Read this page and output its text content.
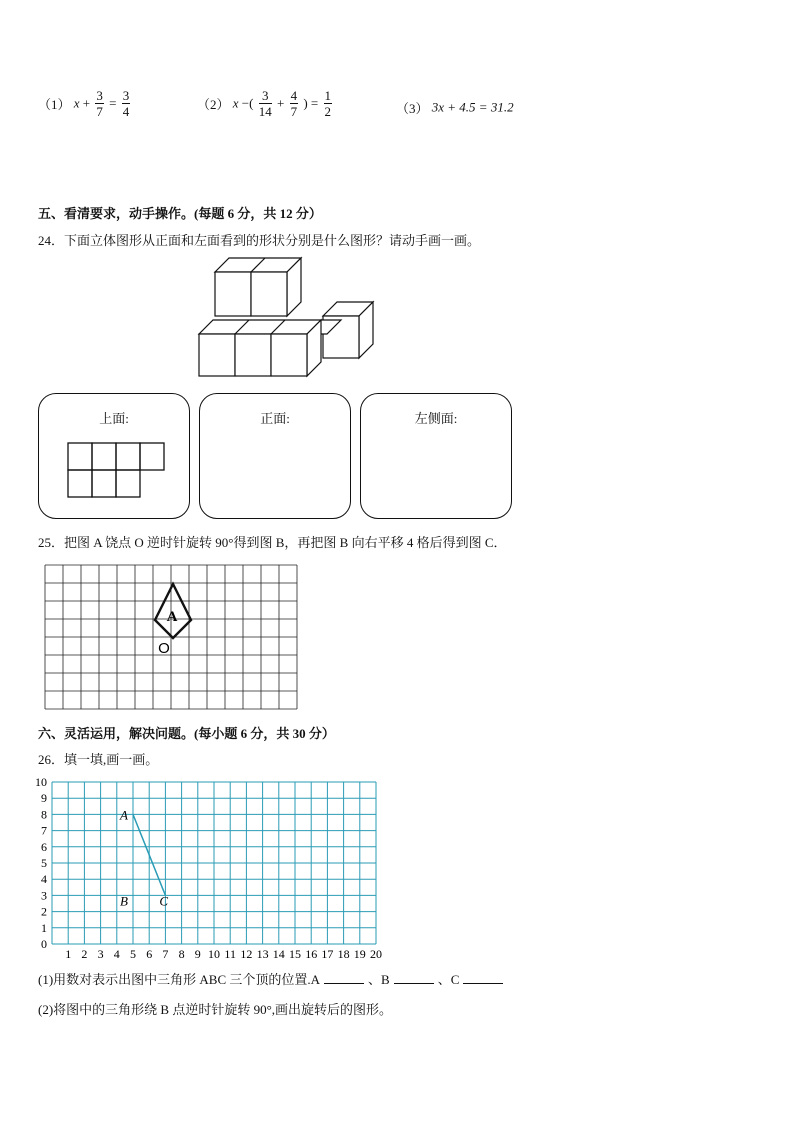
（1） $x + \frac{3}{7} = \frac{3}{4}$	（2） x −( $\frac{3}{14} + \frac{4}{7}$ ) = $\frac{1}{2}$	（3） 3x + 4.5 = 31.2
五、看清要求，动手操作。(每题 6 分，共 12 分）
24．下面立体图形从正面和左面看到的形状分别是什么图形？请动手画一画。
上面:	正面:	左侧面:
25．把图 A 饶点 O 逆时针旋转 90°得到图 B，再把图 B 向右平移 4 格后得到图 C．
A
O
六、灵活运用，解决问题。(每小题 6 分，共 30 分）
26．填一填,画一画。
0
1
2
3
4
5
6
7
8
9
10
1 2 3 4 5 6 7 8 9 10 11 12 13 14 15 16 17 18 19 20
A
B C
(1)用数对表示出图中三角形 ABC 三个顶的位置.A	、B	、C
(2)将图中的三角形绕 B 点逆时针旋转 90°,画出旋转后的图形。
